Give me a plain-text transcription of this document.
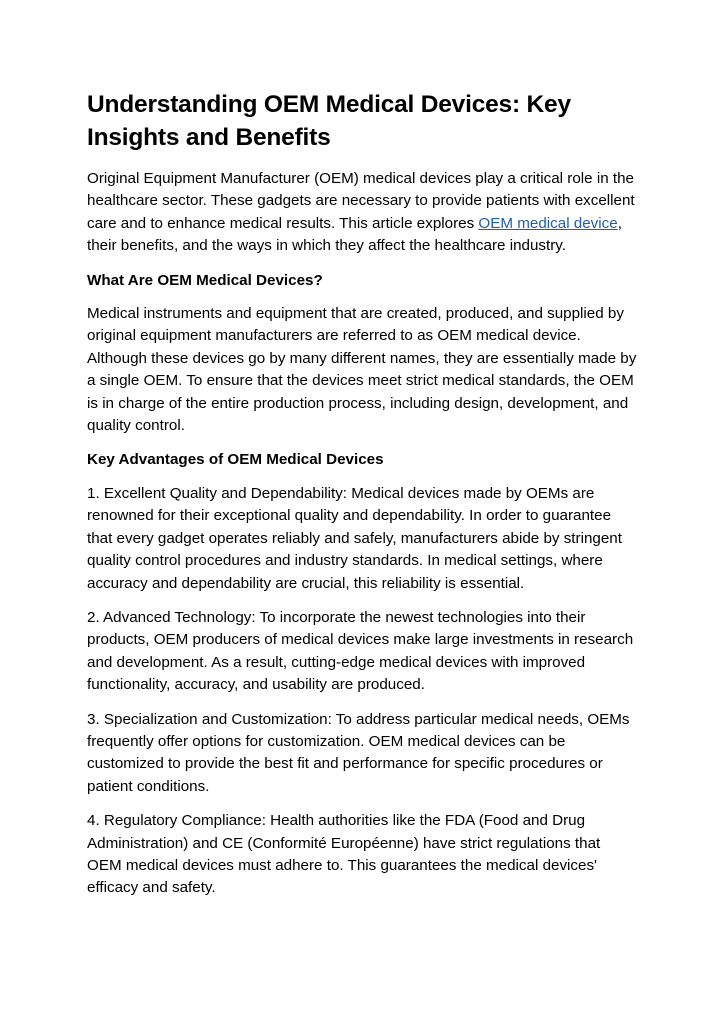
Understanding OEM Medical Devices: Key Insights and Benefits

Original Equipment Manufacturer (OEM) medical devices play a critical role in the healthcare sector. These gadgets are necessary to provide patients with excellent care and to enhance medical results. This article explores OEM medical device, their benefits, and the ways in which they affect the healthcare industry.

What Are OEM Medical Devices?

Medical instruments and equipment that are created, produced, and supplied by original equipment manufacturers are referred to as OEM medical device. Although these devices go by many different names, they are essentially made by a single OEM. To ensure that the devices meet strict medical standards, the OEM is in charge of the entire production process, including design, development, and quality control.

Key Advantages of OEM Medical Devices

1. Excellent Quality and Dependability: Medical devices made by OEMs are renowned for their exceptional quality and dependability. In order to guarantee that every gadget operates reliably and safely, manufacturers abide by stringent quality control procedures and industry standards. In medical settings, where accuracy and dependability are crucial, this reliability is essential.

2. Advanced Technology: To incorporate the newest technologies into their products, OEM producers of medical devices make large investments in research and development. As a result, cutting-edge medical devices with improved functionality, accuracy, and usability are produced.

3. Specialization and Customization: To address particular medical needs, OEMs frequently offer options for customization. OEM medical devices can be customized to provide the best fit and performance for specific procedures or patient conditions.

4. Regulatory Compliance: Health authorities like the FDA (Food and Drug Administration) and CE (Conformité Européenne) have strict regulations that OEM medical devices must adhere to. This guarantees the medical devices' efficacy and safety.
